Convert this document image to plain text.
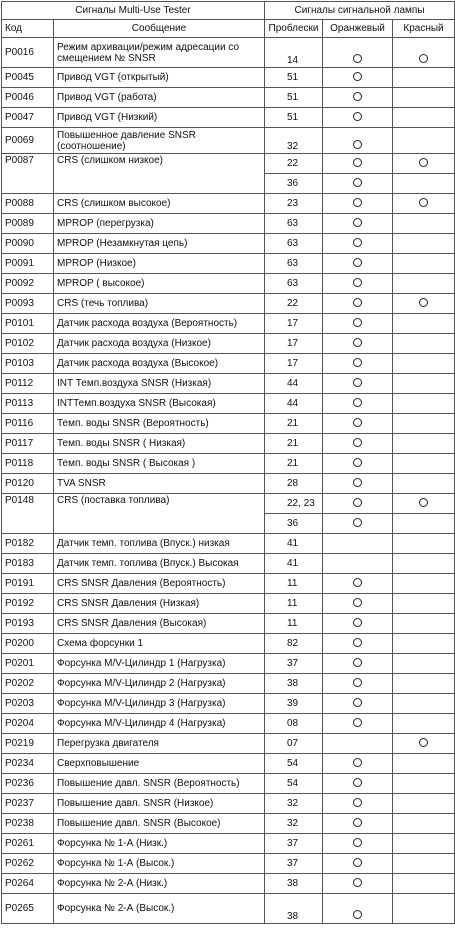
Сигналы Multi-Use Tester		Сигналы сигнальной лампы		
Код	Сообщение	Проблески	Оранжевый	Красный
P0016	Режим архивации/режим адресации со смещением № SNSR	14		
P0045	Привод VGT (открытый)	51		
P0046	Привод VGT (работа)	51		
P0047	Привод VGT (Низкий)	51		
P0069	Повышенное давление SNSR (соотношение)	32		
P0087	CRS (слишком низкое)	22		
		36		
P0088	CRS (слишком высокое)	23		
P0089	MPROP (перегрузка)	63		
P0090	MPROP (Незамкнутая цепь)	63		
P0091	MPROP (Низкое)	63		
P0092	MPROP ( высокое)	63		
P0093	CRS (течь топлива)	22		
P0101	Датчик расхода воздуха (Вероятность)	17		
P0102	Датчик расхода воздуха (Низкое)	17		
P0103	Датчик расхода воздуха (Высокое)	17		
P0112	INT Темп.воздуха SNSR (Низкая)	44		
P0113	INTТемп.воздуха SNSR (Высокая)	44		
P0116	Темп. воды SNSR (Вероятность)	21		
P0117	Темп. воды SNSR ( Низкая)	21		
P0118	Темп. воды SNSR ( Высокая )	21		
P0120	TVA SNSR	28		
P0148	CRS (поставка топлива)	22, 23		
		36		
P0182	Датчик темп. топлива (Впуск.) низкая	41		
P0183	Датчик темп. топлива (Впуск.) Высокая	41		
P0191	CRS SNSR Давления (Вероятность)	11		
P0192	CRS SNSR Давления (Низкая)	11		
P0193	CRS SNSR Давления (Высокая)	11		
P0200	Схема форсунки 1	82		
P0201	Форсунка М/V-Цилиндр 1 (Нагрузка)	37		
P0202	Форсунка М/V-Цилиндр 2 (Нагрузка)	38		
P0203	Форсунка М/V-Цилиндр 3 (Нагрузка)	39		
P0204	Форсунка М/V-Цилиндр 4 (Нагрузка)	08		
P0219	Перегрузка двигателя	07		
P0234	Сверхповышение	54		
P0236	Повышение давл. SNSR (Вероятность)	54		
P0237	Повышение давл. SNSR (Низкое)	32		
P0238	Повышение давл. SNSR (Высокое)	32		
P0261	Форсунка № 1-А (Низк.)	37		
P0262	Форсунка № 1-А (Высок.)	37		
P0264	Форсунка № 2-А (Низк.)	38		
P0265	Форсунка № 2-А (Высок.)	38		
